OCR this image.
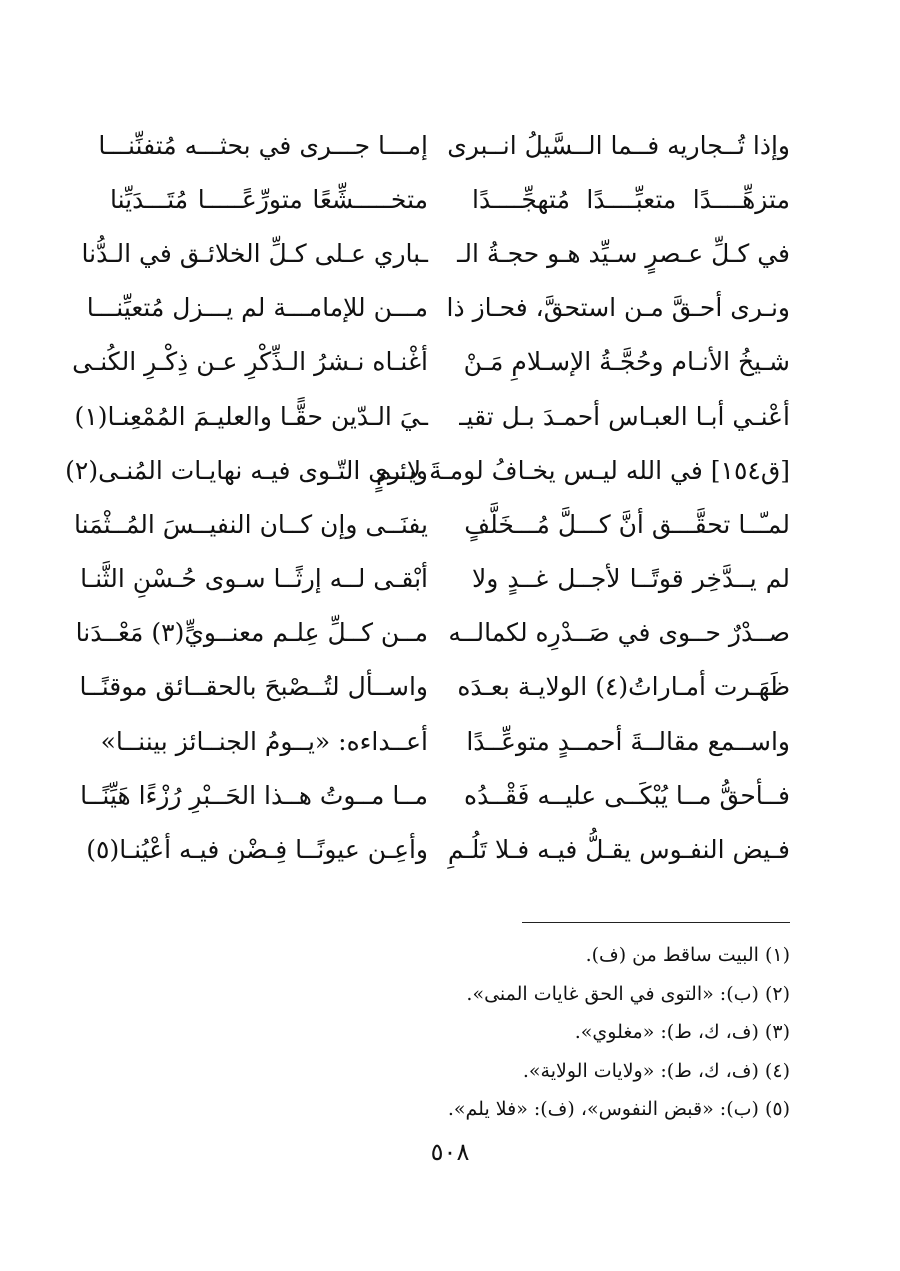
إمـــا جـــرى في بحثـــه مُتفنِّنـــا وإذا تُــجاريه فــما الــسَّيلُ انــبرى
متخـــــشِّعًا متورِّعًـــــا مُتَـــدَيِّنا متزهِّــــدًا متعبِّــــدًا مُتهجِّــــدًا
ـباري عـلى كـلِّ الخلائـق في الـدُّنا في كـلِّ عـصرٍ سـيِّد هـو حجـةُ الـ
مـــن للإمامـــة لم يـــزل مُتعيِّنـــا ونـرى أحـقَّ مـن استحقَّ، فحـاز ذا
أغْنـاه نـشرُ الـذِّكْرِ عـن ذِكْـرِ الكُنـى شـيخُ الأنـام وحُجَّـةُ الإسـلامِ مَـنْ
ـيَ الـدّين حقًّـا والعليـمَ المُمْعِنـا(١) أعْنـي أبـا العبـاس أحمـدَ بـل تقيـ
ويـرى التّـوى فيـه نهايـات المُنـى(٢)
[ق١٥٤] في الله ليـس يخـافُ لومـةَ لائـمٍ
يفنَــى وإن كــان النفيــسَ المُــثْمَنا لمـّــا تحقَّـــق أنَّ كـــلَّ مُـــخَلَّفٍ
أبْقـى لــه إرثًــا سـوى حُـسْنِ الثَّنـا لم يــدَّخِر قوتًــا لأجــل غــدٍ ولا
مــن كــلِّ عِلـم معنــويٍّ(٣) مَعْــدَنا صــدْرٌ حــوى في صَــدْرِه لكمالــه
واســأل لتُــصْبحَ بالحقــائق موقنًــا ظَهَـرت أمـاراتُ(٤) الولايـة بعـدَه
أعــداءه: «يــومُ الجنــائز بيننــا» واســمع مقالــةَ أحمــدٍ متوعِّــدًا
مــا مــوتُ هــذا الحَــبْرِ رُزْءًا هَيِّنًــا فــأحقُّ مــا يُبْكَــى عليــه فَقْــدُه
وأعِـن عيونًــا فِـضْن فيـه أعْيُنـا(٥) فـيض النفـوس يقـلُّ فيـه فـلا تَلُـمِ
(١) البيت ساقط من (ف).
(٢) (ب): «التوى في الحق غايات المنى».
(٣) (ف، ك، ط): «مغلوي».
(٤) (ف، ك، ط): «ولايات الولاية».
(٥) (ب): «قبض النفوس»، (ف): «فلا يلم».
٥٠٨
